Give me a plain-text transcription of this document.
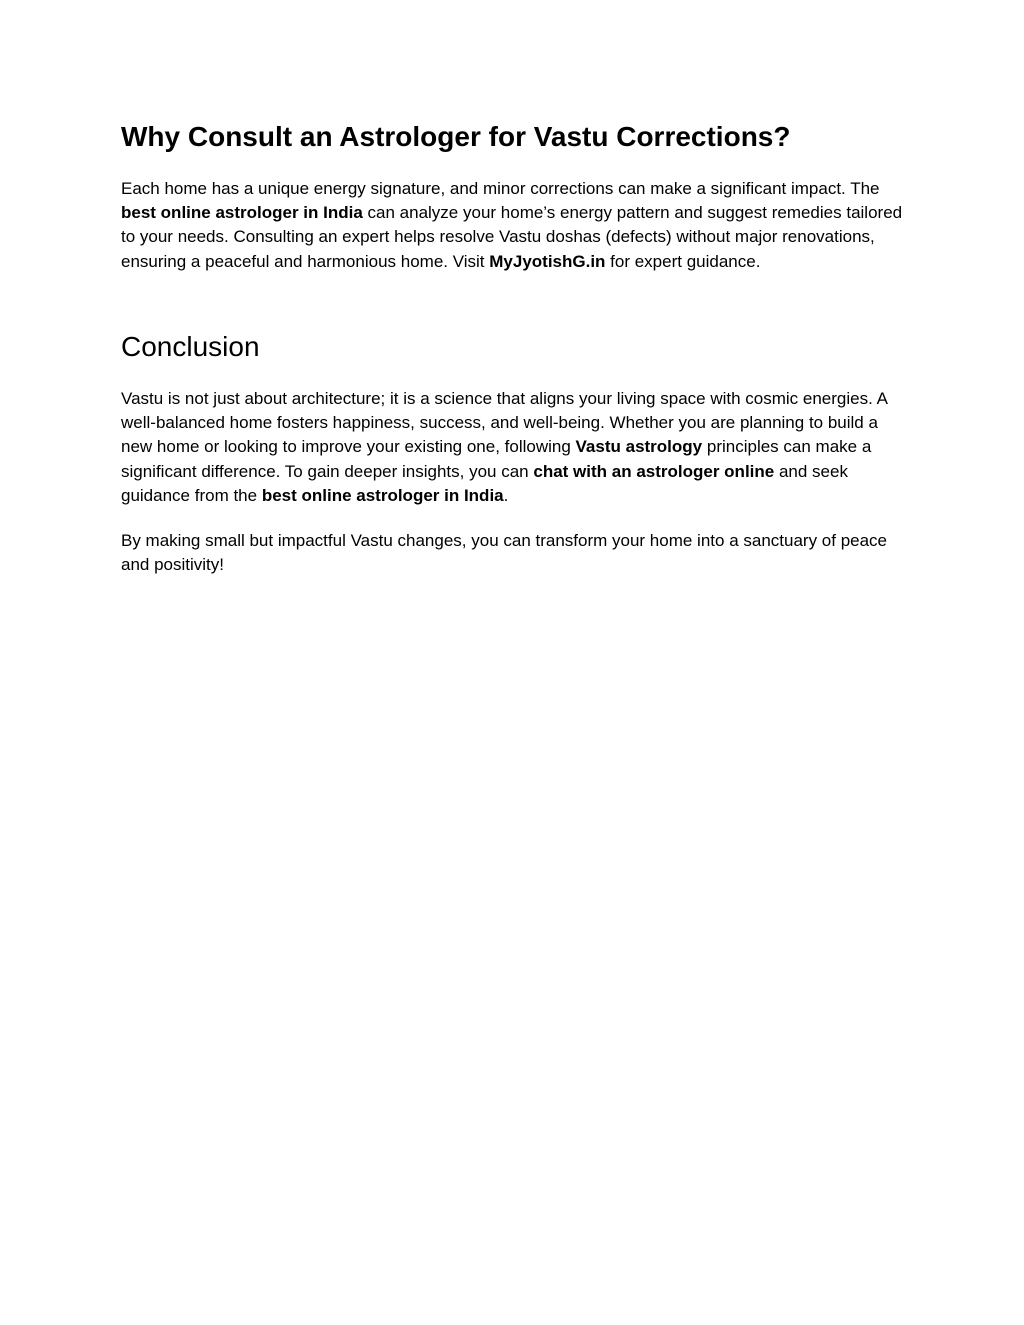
Why Consult an Astrologer for Vastu Corrections?

Each home has a unique energy signature, and minor corrections can make a significant impact. The best online astrologer in India can analyze your home’s energy pattern and suggest remedies tailored to your needs. Consulting an expert helps resolve Vastu doshas (defects) without major renovations, ensuring a peaceful and harmonious home. Visit MyJyotishG.in for expert guidance.

Conclusion

Vastu is not just about architecture; it is a science that aligns your living space with cosmic energies. A well-balanced home fosters happiness, success, and well-being. Whether you are planning to build a new home or looking to improve your existing one, following Vastu astrology principles can make a significant difference. To gain deeper insights, you can chat with an astrologer online and seek guidance from the best online astrologer in India.

By making small but impactful Vastu changes, you can transform your home into a sanctuary of peace and positivity!
